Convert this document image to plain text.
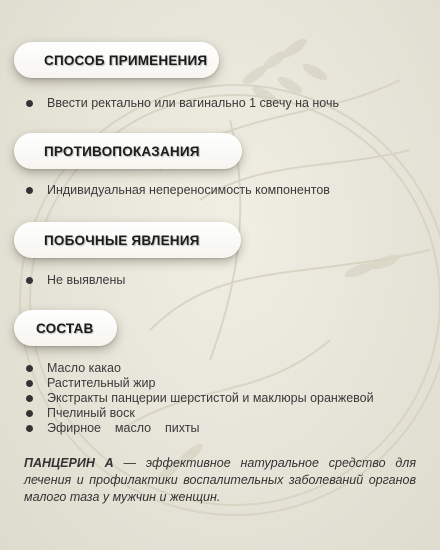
СПОСОБ ПРИМЕНЕНИЯ
Ввести ректально или вагинально 1 свечу на ночь
ПРОТИВОПОКАЗАНИЯ
Индивидуальная непереносимость компонентов
ПОБОЧНЫЕ ЯВЛЕНИЯ
Не выявлены
СОСТАВ
Масло какао
Растительный жир
Экстракты панцерии шерстистой и маклюры оранжевой
Пчелиный воск
Эфирное    масло    пихты
ПАНЦЕРИН А — эффективное натуральное средство для лечения и профилактики воспалительных заболеваний органов малого таза у мужчин и женщин.
